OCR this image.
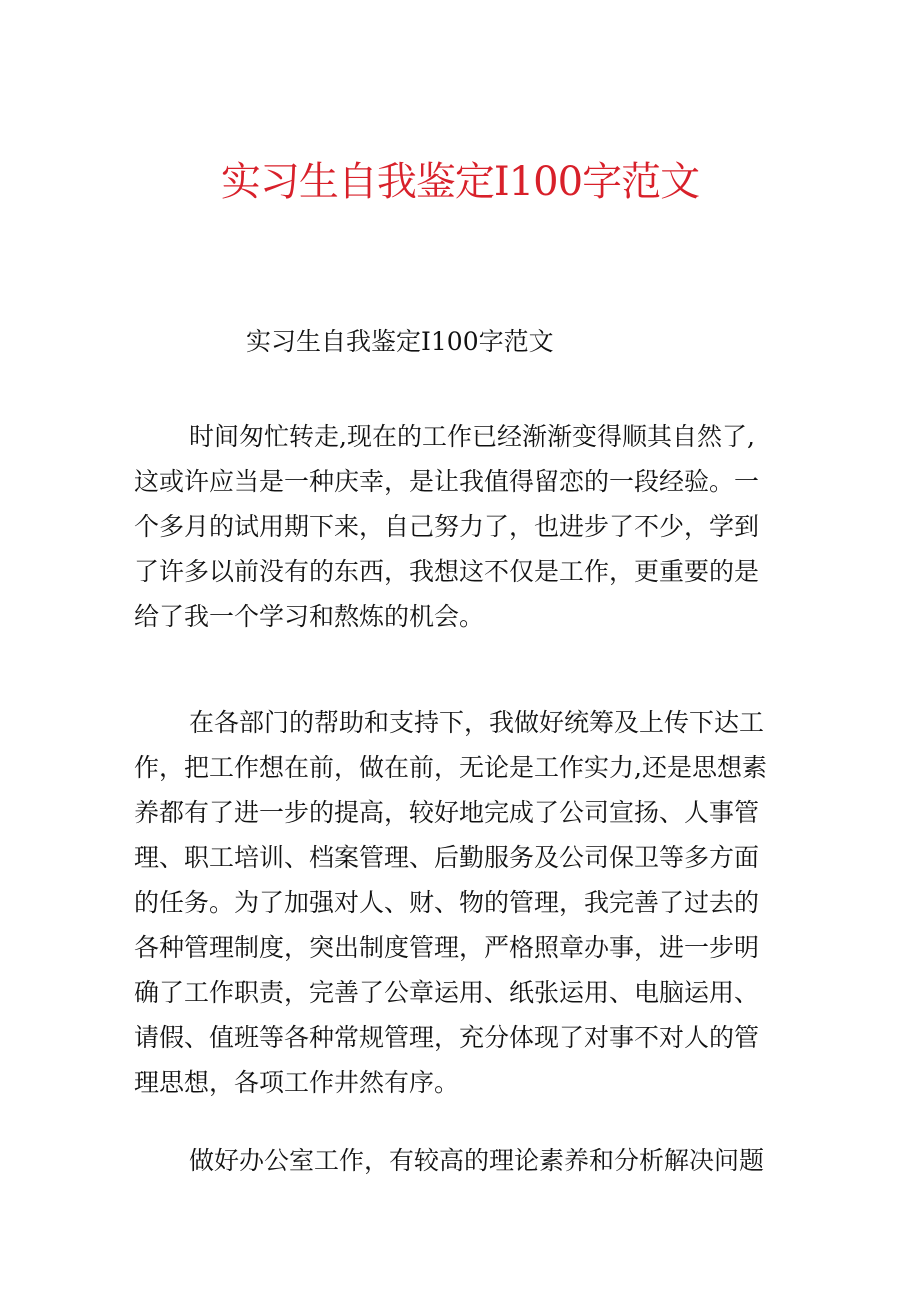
实习生自我鉴定I100字范文

实习生自我鉴定I100字范文

时间匆忙转走,现在的工作已经渐渐变得顺其自然了,
这或许应当是一种庆幸，是让我值得留恋的一段经验。一
个多月的试用期下来，自己努力了，也进步了不少，学到
了许多以前没有的东西，我想这不仅是工作，更重要的是
给了我一个学习和熬炼的机会。
在各部门的帮助和支持下，我做好统筹及上传下达工
作，把工作想在前，做在前，无论是工作实力,还是思想素
养都有了进一步的提高，较好地完成了公司宣扬、人事管
理、职工培训、档案管理、后勤服务及公司保卫等多方面
的任务。为了加强对人、财、物的管理，我完善了过去的
各种管理制度，突出制度管理，严格照章办事，进一步明
确了工作职责，完善了公章运用、纸张运用、电脑运用、
请假、值班等各种常规管理，充分体现了对事不对人的管
理思想，各项工作井然有序。
做好办公室工作，有较高的理论素养和分析解决问题
